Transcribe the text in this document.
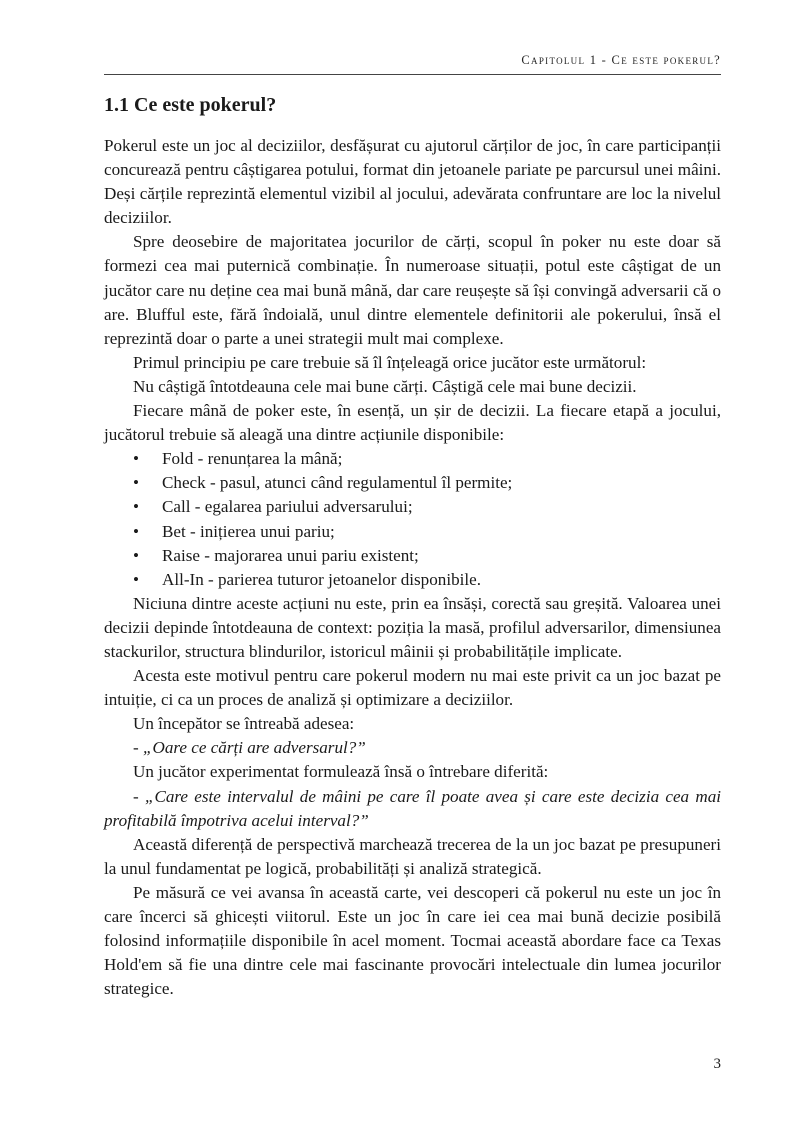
Capitolul 1 - Ce este pokerul?
1.1 Ce este pokerul?

Pokerul este un joc al deciziilor, desfășurat cu ajutorul cărților de joc, în care participanții concurează pentru câștigarea potului, format din jetoanele pariate pe parcursul unei mâini. Deși cărțile reprezintă elementul vizibil al jocului, adevărata confruntare are loc la nivelul deciziilor.

Spre deosebire de majoritatea jocurilor de cărți, scopul în poker nu este doar să formezi cea mai puternică combinație. În numeroase situații, potul este câștigat de un jucător care nu deține cea mai bună mână, dar care reușește să își convingă adversarii că o are. Blufful este, fără îndoială, unul dintre elementele definitorii ale pokerului, însă el reprezintă doar o parte a unei strategii mult mai complexe.

Primul principiu pe care trebuie să îl înțeleagă orice jucător este următorul:

Nu câștigă întotdeauna cele mai bune cărți. Câștigă cele mai bune decizii.

Fiecare mână de poker este, în esență, un șir de decizii. La fiecare etapă a jocului, jucătorul trebuie să aleagă una dintre acțiunile disponibile:

•	Fold - renunțarea la mână;
•	Check - pasul, atunci când regulamentul îl permite;
•	Call - egalarea pariului adversarului;
•	Bet - inițierea unui pariu;
•	Raise - majorarea unui pariu existent;
•	All-In - parierea tuturor jetoanelor disponibile.

Niciuna dintre aceste acțiuni nu este, prin ea însăși, corectă sau greșită. Valoarea unei decizii depinde întotdeauna de context: poziția la masă, profilul adversarilor, dimensiunea stackurilor, structura blindurilor, istoricul mâinii și probabilitățile implicate.

Acesta este motivul pentru care pokerul modern nu mai este privit ca un joc bazat pe intuiție, ci ca un proces de analiză și optimizare a deciziilor.

Un începător se întreabă adesea:

- „Oare ce cărți are adversarul?”

Un jucător experimentat formulează însă o întrebare diferită:

- „Care este intervalul de mâini pe care îl poate avea și care este decizia cea mai profitabilă împotriva acelui interval?”

Această diferență de perspectivă marchează trecerea de la un joc bazat pe presupuneri la unul fundamentat pe logică, probabilități și analiză strategică.

Pe măsură ce vei avansa în această carte, vei descoperi că pokerul nu este un joc în care încerci să ghicești viitorul. Este un joc în care iei cea mai bună decizie posibilă folosind informațiile disponibile în acel moment. Tocmai această abordare face ca Texas Hold'em să fie una dintre cele mai fascinante provocări intelectuale din lumea jocurilor strategice.

3
